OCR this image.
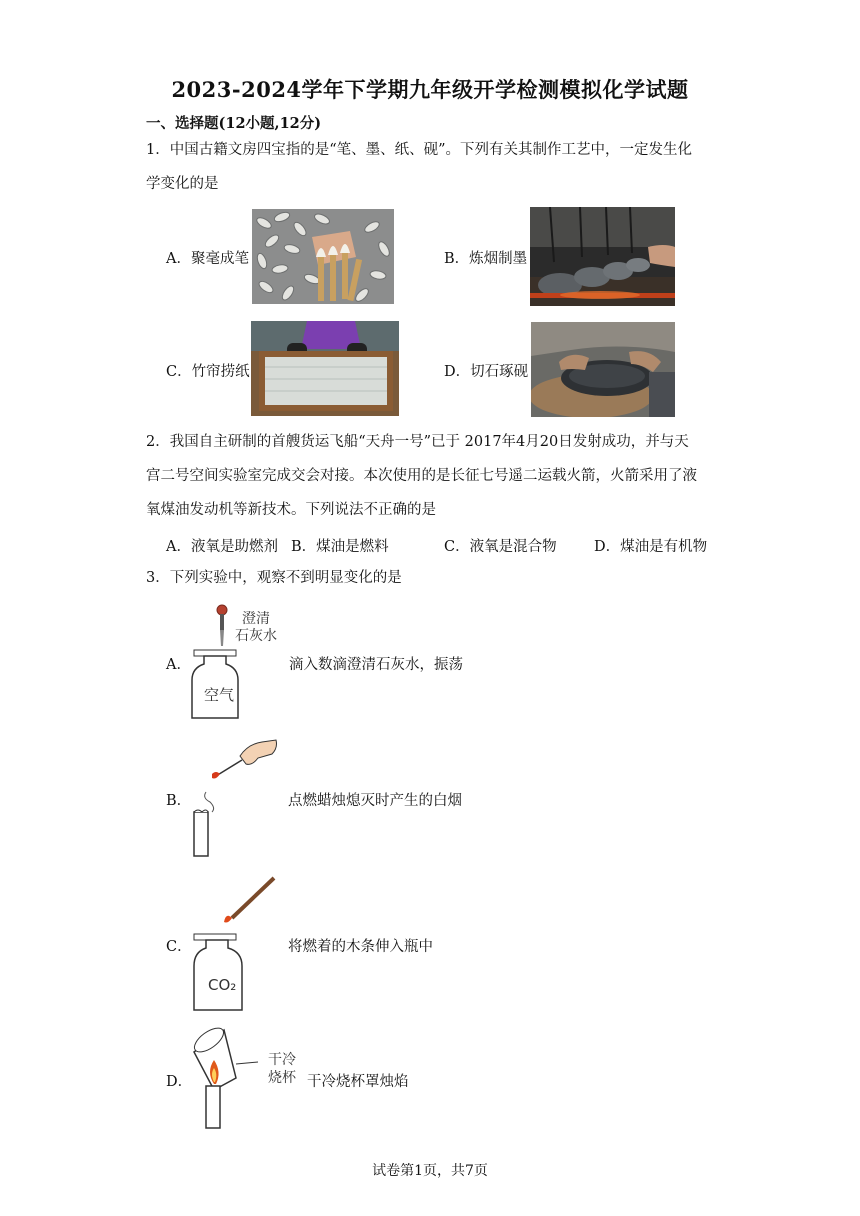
2023-2024学年下学期九年级开学检测模拟化学试题
一、选择题(12小题,12分)
1．中国古籍文房四宝指的是“笔、墨、纸、砚”。下列有关其制作工艺中，一定发生化
学变化的是
A．聚毫成笔	B．炼烟制墨
C．竹帘捞纸	D．切石琢砚
2．我国自主研制的首艘货运飞船“天舟一号”已于 2017年4月20日发射成功，并与天
宫二号空间实验室完成交会对接。本次使用的是长征七号遥二运载火箭，火箭采用了液
氧煤油发动机等新技术。下列说法不正确的是
A．液氧是助燃剂 B．煤油是燃料	C．液氧是混合物	D．煤油是有机物
3．下列实验中，观察不到明显变化的是
A．
澄清
石灰水
空气
滴入数滴澄清石灰水，振荡
B．	点燃蜡烛熄灭时产生的白烟
C．
CO₂
将燃着的木条伸入瓶中
D．
干冷
烧杯 干冷烧杯罩烛焰
试卷第1页，共7页
